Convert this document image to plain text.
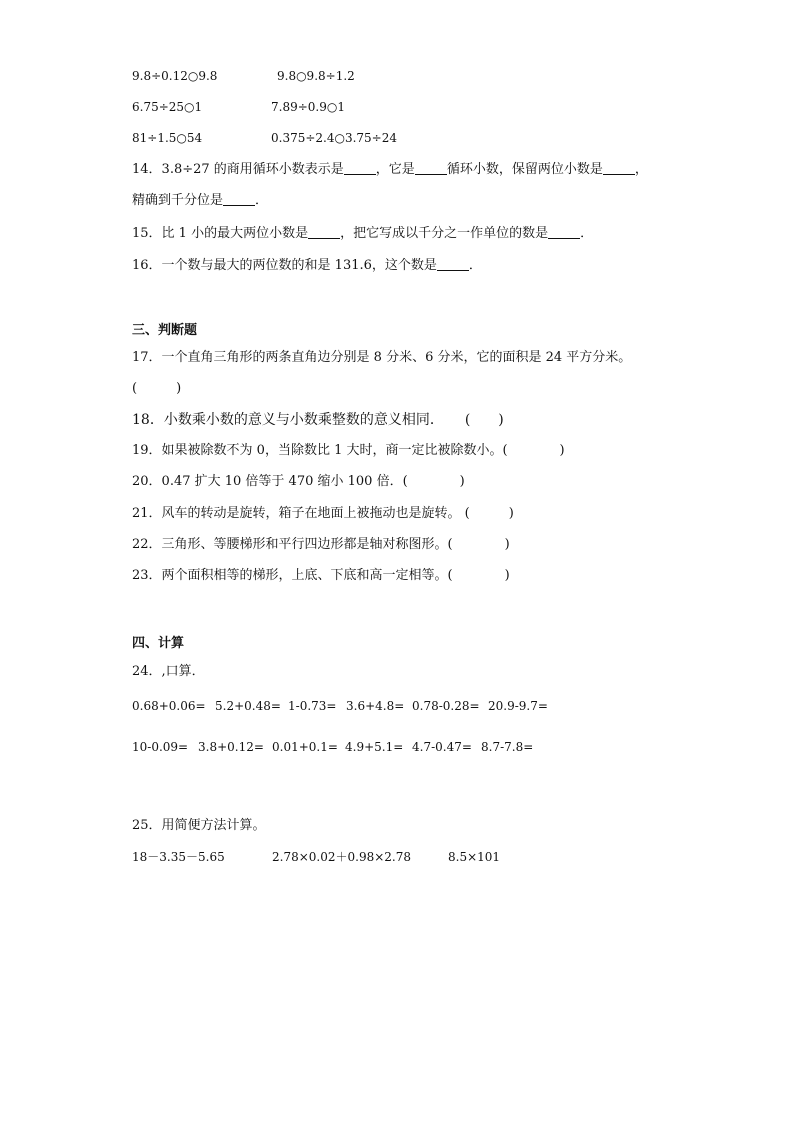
9.8÷0.12○9.8	9.8○9.8÷1.2
6.75÷25○1	7.89÷0.9○1
81÷1.5○54	0.375÷2.4○3.75÷24
14．3.8÷27 的商用循环小数表示是 ，它是 循环小数，保留两位小数是 ，
精确到千分位是 ．
15．比 1 小的最大两位小数是 ，把它写成以千分之一作单位的数是 ．
16．一个数与最大的两位数的和是 131.6，这个数是 ．
三、判断题
17．一个直角三角形的两条直角边分别是 8 分米、6 分米，它的面积是 24 平方分米。
(　　　)
18．小数乘小数的意义与小数乘整数的意义相同．　　(　　)
19．如果被除数不为 0，当除数比 1 大时，商一定比被除数小。(　　　　)
20．0.47 扩大 10 倍等于 470 缩小 100 倍．(　　　　)
21．风车的转动是旋转，箱子在地面上被拖动也是旋转。 (　　　)
22．三角形、等腰梯形和平行四边形都是轴对称图形。(　　　　)
23．两个面积相等的梯形，上底、下底和高一定相等。(　　　　)
四、计算
24．,口算．
0.68+0.06= 5.2+0.48= 1-0.73= 3.6+4.8= 0.78-0.28= 20.9-9.7=
10-0.09= 3.8+0.12= 0.01+0.1= 4.9+5.1= 4.7-0.47= 8.7-7.8=
25．用简便方法计算。
18－3.35－5.65	2.78×0.02＋0.98×2.78	8.5×101
